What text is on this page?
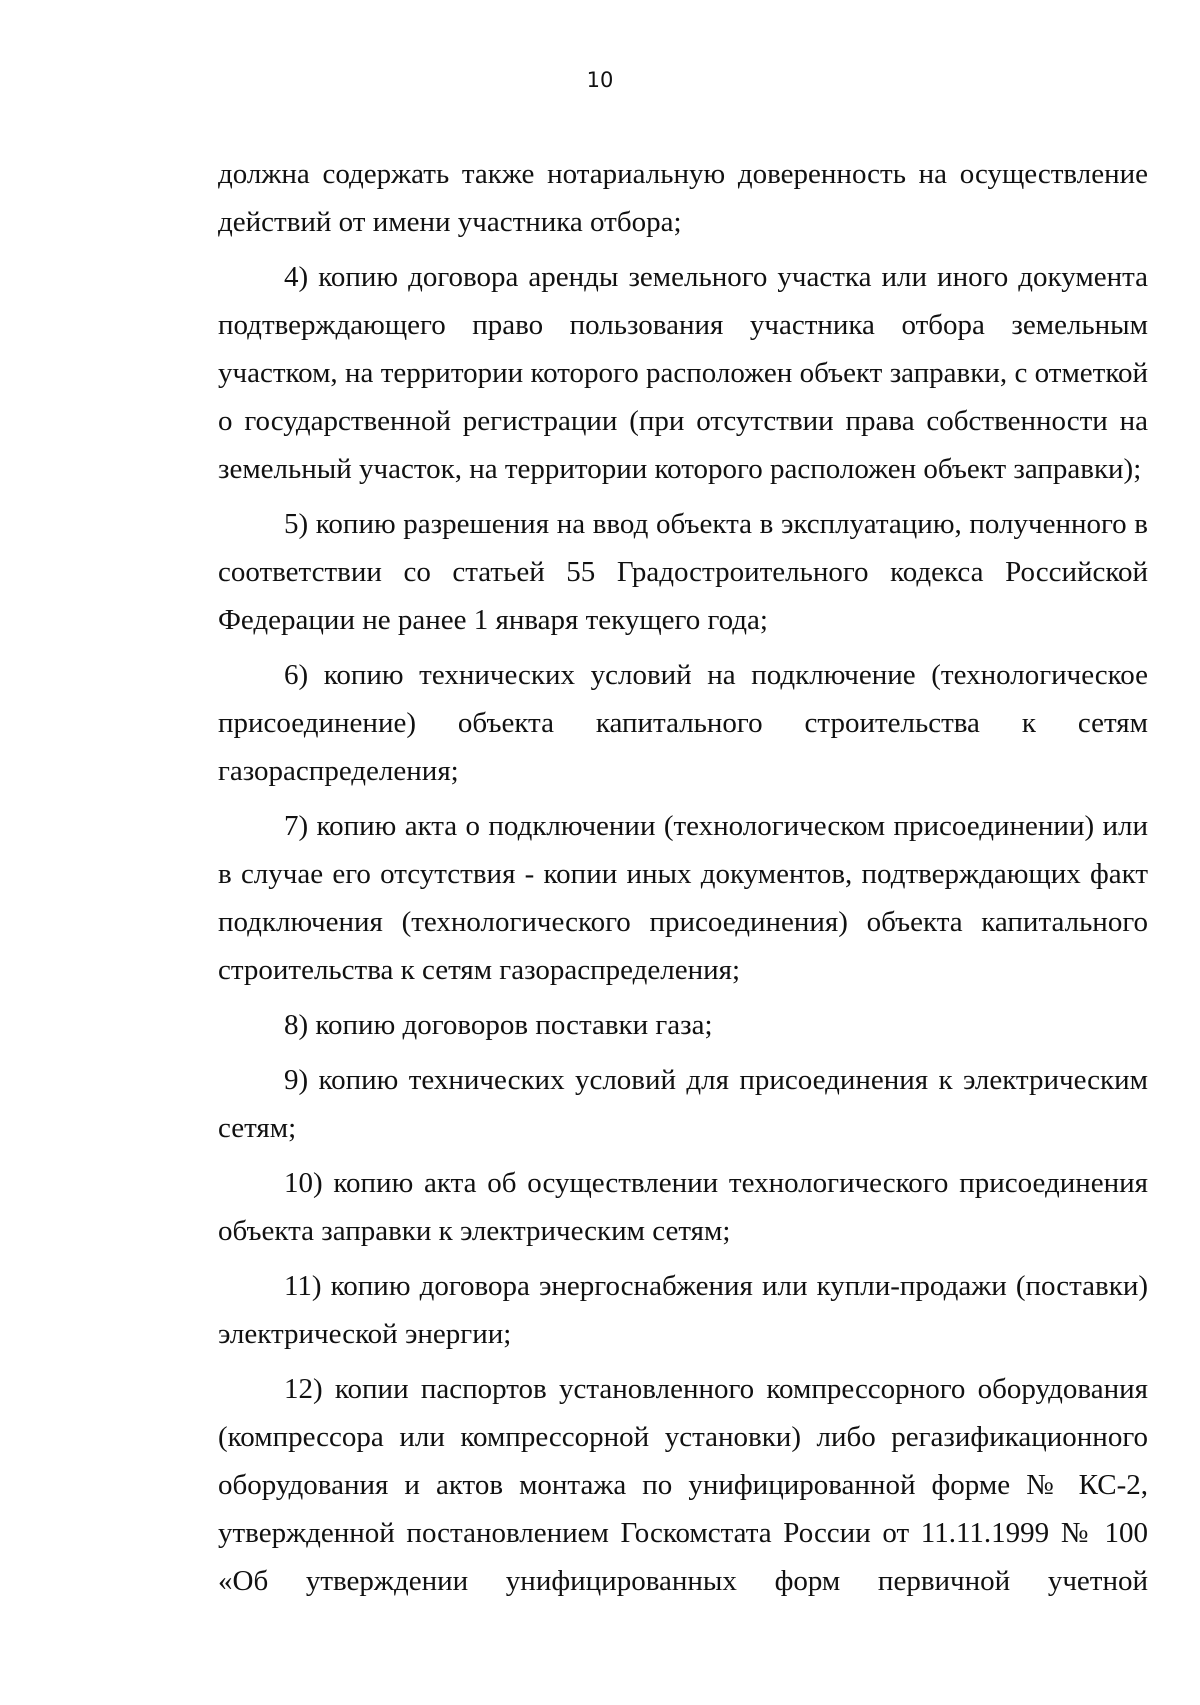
10

должна содержать также нотариальную доверенность на осуществление действий от имени участника отбора;

4) копию договора аренды земельного участка или иного документа подтверждающего право пользования участника отбора земельным участком, на территории которого расположен объект заправки, с отметкой о государственной регистрации (при отсутствии права собственности на земельный участок, на территории которого расположен объект заправки);

5) копию разрешения на ввод объекта в эксплуатацию, полученного в соответствии со статьей 55 Градостроительного кодекса Российской Федерации не ранее 1 января текущего года;

6) копию технических условий на подключение (технологическое присоединение) объекта капитального строительства к сетям газораспределения;

7) копию акта о подключении (технологическом присоединении) или в случае его отсутствия - копии иных документов, подтверждающих факт подключения (технологического присоединения) объекта капитального строительства к сетям газораспределения;

8) копию договоров поставки газа;

9) копию технических условий для присоединения к электрическим сетям;

10) копию акта об осуществлении технологического присоединения объекта заправки к электрическим сетям;

11) копию договора энергоснабжения или купли-продажи (поставки) электрической энергии;

12) копии паспортов установленного компрессорного оборудования (компрессора или компрессорной установки) либо регазификационного оборудования и актов монтажа по унифицированной форме № КС-2, утвержденной постановлением Госкомстата России от 11.11.1999 № 100 «Об утверждении унифицированных форм первичной учетной
